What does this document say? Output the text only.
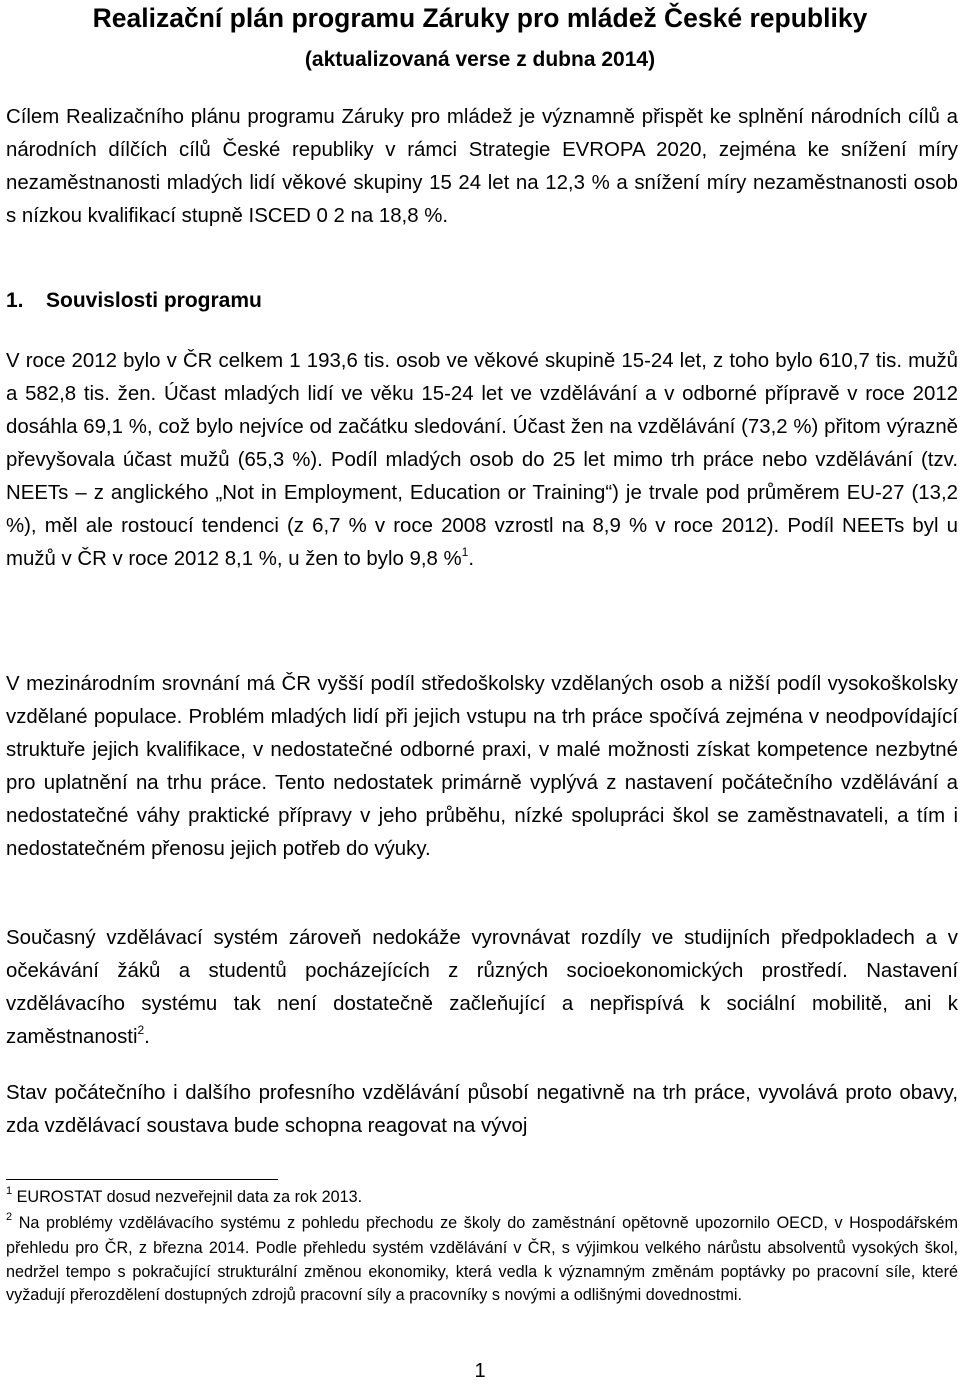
Realizační plán programu Záruky pro mládež České republiky
(aktualizovaná verse z dubna 2014)

Cílem Realizačního plánu programu Záruky pro mládež je významně přispět ke splnění národních cílů a národních dílčích cílů České republiky v rámci Strategie EVROPA 2020, zejména ke snížení míry nezaměstnanosti mladých lidí věkové skupiny 15 24 let na 12,3 % a snížení míry nezaměstnanosti osob s nízkou kvalifikací stupně ISCED 0 2 na 18,8 %.

1. Souvislosti programu

V roce 2012 bylo v ČR celkem 1 193,6 tis. osob ve věkové skupině 15-24 let, z toho bylo 610,7 tis. mužů a 582,8 tis. žen. Účast mladých lidí ve věku 15-24 let ve vzdělávání a v odborné přípravě v roce 2012 dosáhla 69,1 %, což bylo nejvíce od začátku sledování. Účast žen na vzdělávání (73,2 %) přitom výrazně převyšovala účast mužů (65,3 %). Podíl mladých osob do 25 let mimo trh práce nebo vzdělávání (tzv. NEETs – z anglického „Not in Employment, Education or Training“) je trvale pod průměrem EU-27 (13,2 %), měl ale rostoucí tendenci (z 6,7 % v roce 2008 vzrostl na 8,9 % v roce 2012). Podíl NEETs byl u mužů v ČR v roce 2012 8,1 %, u žen to bylo 9,8 %$^1$.

V mezinárodním srovnání má ČR vyšší podíl středoškolsky vzdělaných osob a nižší podíl vysokoškolsky vzdělané populace. Problém mladých lidí při jejich vstupu na trh práce spočívá zejména v neodpovídající struktuře jejich kvalifikace, v nedostatečné odborné praxi, v malé možnosti získat kompetence nezbytné pro uplatnění na trhu práce. Tento nedostatek primárně vyplývá z nastavení počátečního vzdělávání a nedostatečné váhy praktické přípravy v jeho průběhu, nízké spolupráci škol se zaměstnavateli, a tím i nedostatečném přenosu jejich potřeb do výuky.

Současný vzdělávací systém zároveň nedokáže vyrovnávat rozdíly ve studijních předpokladech a v očekávání žáků a studentů pocházejících z různých socioekonomických prostředí. Nastavení vzdělávacího systému tak není dostatečně začleňující a nepřispívá k sociální mobilitě, ani k zaměstnanosti$^2$.

Stav počátečního i dalšího profesního vzdělávání působí negativně na trh práce, vyvolává proto obavy, zda vzdělávací soustava bude schopna reagovat na vývoj

$^1$ EUROSTAT dosud nezveřejnil data za rok 2013.

$^2$ Na problémy vzdělávacího systému z pohledu přechodu ze školy do zaměstnání opětovně upozornilo OECD, v Hospodářském přehledu pro ČR, z března 2014. Podle přehledu systém vzdělávání v ČR, s výjimkou velkého nárůstu absolventů vysokých škol, nedržel tempo s pokračující strukturální změnou ekonomiky, která vedla k významným změnám poptávky po pracovní síle, které vyžadují přerozdělení dostupných zdrojů pracovní síly a pracovníky s novými a odlišnými dovednostmi.

1
